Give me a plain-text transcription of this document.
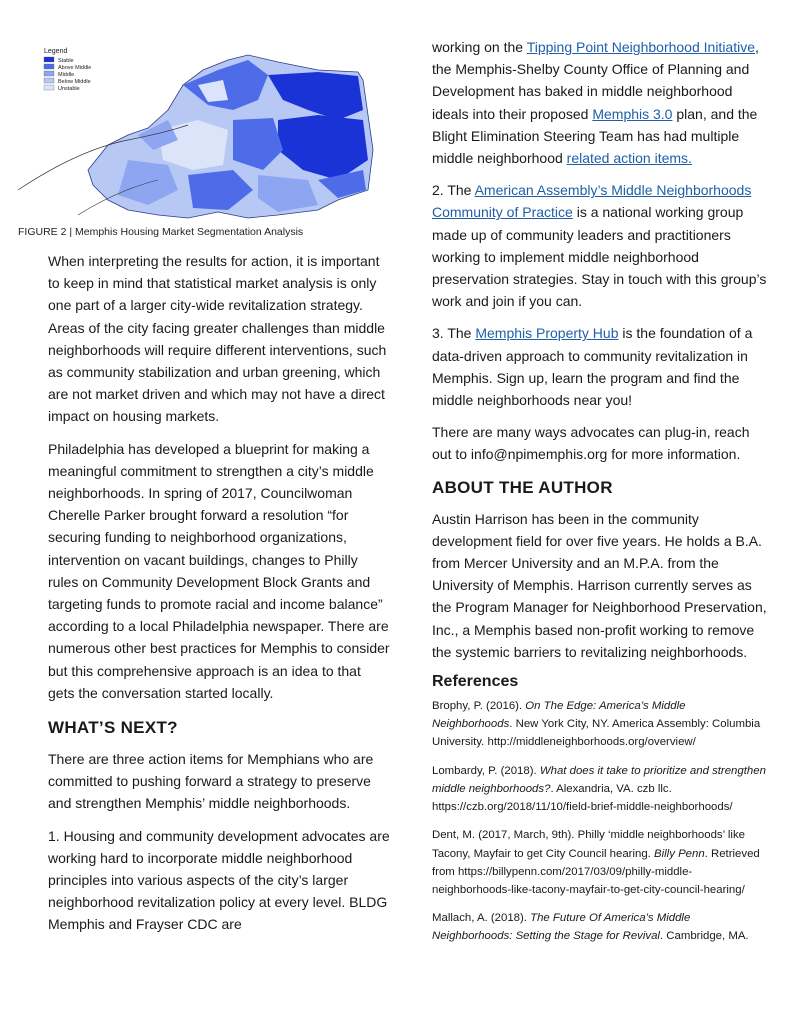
Legend
Stable
Above Middle
Middle
Below Middle
Unstable
FIGURE 2 | Memphis Housing Market Segmentation Analysis

When interpreting the results for action, it is important to keep in mind that statistical market analysis is only one part of a larger city-wide revitalization strategy. Areas of the city facing greater challenges than middle neighborhoods will require different interventions, such as community stabilization and urban greening, which are not market driven and which may not have a direct impact on housing markets.

Philadelphia has developed a blueprint for making a meaningful commitment to strengthen a city’s middle neighborhoods. In spring of 2017, Councilwoman Cherelle Parker brought forward a resolution “for securing funding to neighborhood organizations, intervention on vacant buildings, changes to Philly rules on Community Development Block Grants and targeting funds to promote racial and income balance” according to a local Philadelphia newspaper. There are numerous other best practices for Memphis to consider but this comprehensive approach is an idea to that gets the conversation started locally.

WHAT’S NEXT?

There are three action items for Memphians who are committed to pushing forward a strategy to preserve and strengthen Memphis’ middle neighborhoods.

1. Housing and community development advocates are working hard to incorporate middle neighborhood principles into various aspects of the city’s larger neighborhood revitalization policy at every level. BLDG Memphis and Frayser CDC are

working on the Tipping Point Neighborhood Initiative, the Memphis-Shelby County Office of Planning and Development has baked in middle neighborhood ideals into their proposed Memphis 3.0 plan, and the Blight Elimination Steering Team has had multiple middle neighborhood related action items.

2. The American Assembly’s Middle Neighborhoods Community of Practice is a national working group made up of community leaders and practitioners working to implement middle neighborhood preservation strategies. Stay in touch with this group’s work and join if you can.

3. The Memphis Property Hub is the foundation of a data-driven approach to community revitalization in Memphis. Sign up, learn the program and find the middle neighborhoods near you!

There are many ways advocates can plug-in, reach out to info@npimemphis.org for more information.

ABOUT THE AUTHOR

Austin Harrison has been in the community development field for over five years. He holds a B.A. from Mercer University and an M.P.A. from the University of Memphis. Harrison currently serves as the Program Manager for Neighborhood Preservation, Inc., a Memphis based non-profit working to remove the systemic barriers to revitalizing neighborhoods.

References
Brophy, P. (2016). On The Edge: America’s Middle Neighborhoods. New York City, NY. America Assembly: Columbia University. http://middleneighborhoods.org/overview/
Lombardy, P. (2018). What does it take to prioritize and strengthen middle neighborhoods?. Alexandria, VA. czb llc. https://czb.org/2018/11/10/field-brief-middle-neighborhoods/
Dent, M. (2017, March, 9th). Philly ‘middle neighborhoods’ like Tacony, Mayfair to get City Council hearing. Billy Penn. Retrieved from https://billypenn.com/2017/03/09/philly-middle-neighborhoods-like-tacony-mayfair-to-get-city-council-hearing/
Mallach, A. (2018). The Future Of America’s Middle Neighborhoods: Setting the Stage for Revival. Cambridge, MA.
